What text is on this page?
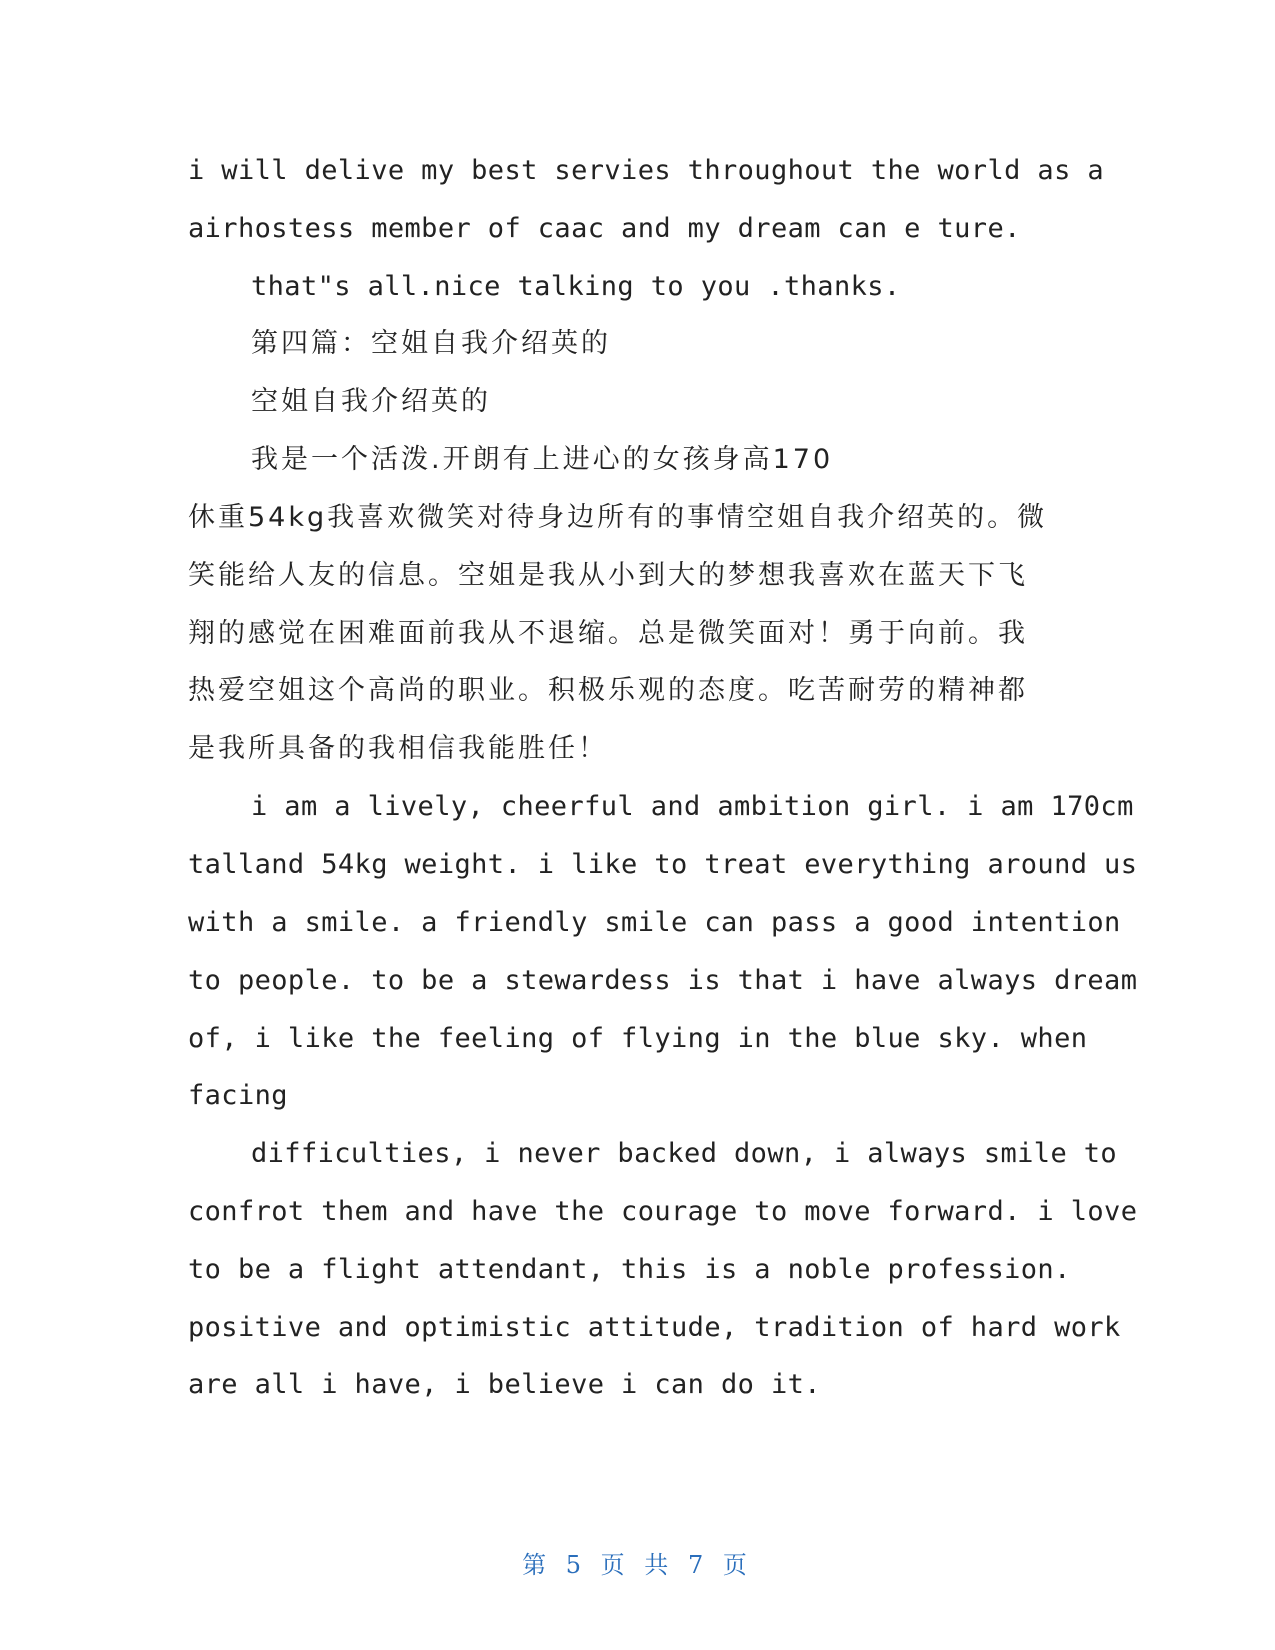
i will delive my best servies throughout the world as a
airhostess member of caac and my dream can e ture.
that"s all.nice talking to you .thanks.
第四篇：空姐自我介绍英的
空姐自我介绍英的
我是一个活泼.开朗有上进心的女孩身高170
休重54kg我喜欢微笑对待身边所有的事情空姐自我介绍英的。微
笑能给人友的信息。空姐是我从小到大的梦想我喜欢在蓝天下飞
翔的感觉在困难面前我从不退缩。总是微笑面对！勇于向前。我
热爱空姐这个高尚的职业。积极乐观的态度。吃苦耐劳的精神都
是我所具备的我相信我能胜任！
i am a lively, cheerful and ambition girl. i am 170cm
talland 54kg weight. i like to treat everything around us
with a smile. a friendly smile can pass a good intention
to people. to be a stewardess is that i have always dream
of, i like the feeling of flying in the blue sky. when
facing
difficulties, i never backed down, i always smile to
confrot them and have the courage to move forward. i love
to be a flight attendant, this is a noble profession.
positive and optimistic attitude, tradition of hard work
are all i have, i believe i can do it.
第 5 页 共 7 页
